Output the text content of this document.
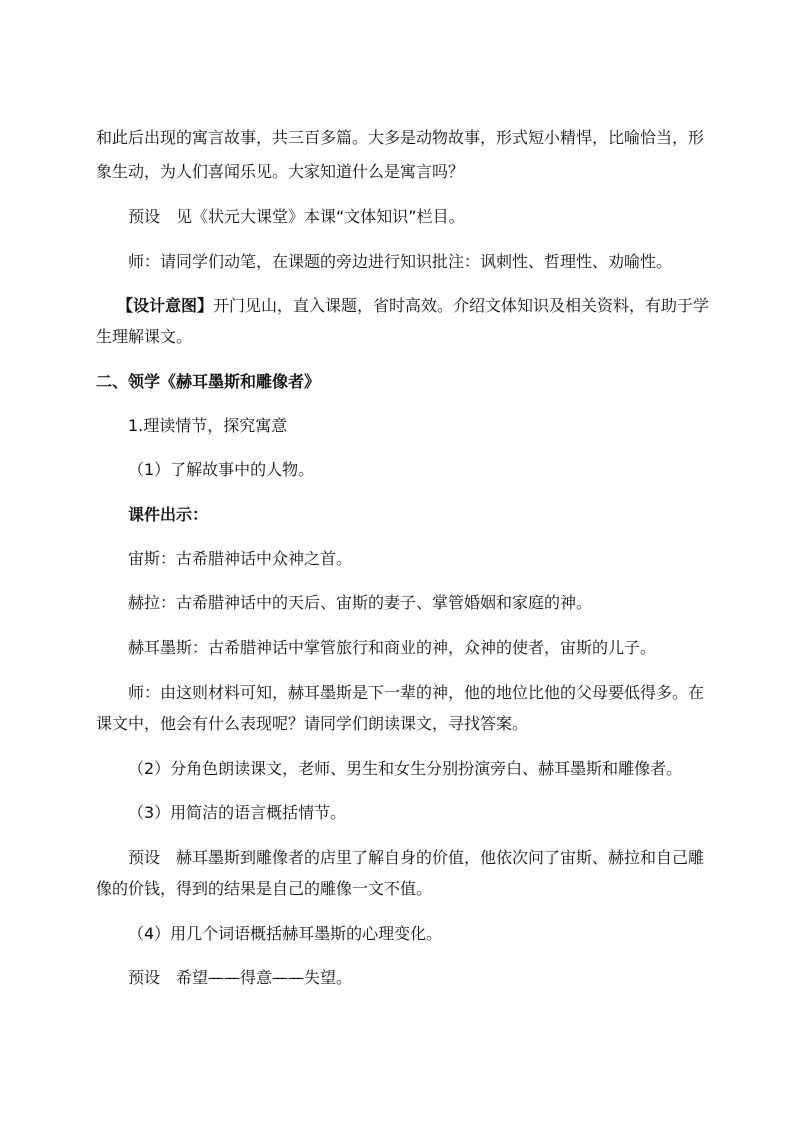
和此后出现的寓言故事，共三百多篇。大多是动物故事，形式短小精悍，比喻恰当，形
象生动，为人们喜闻乐见。大家知道什么是寓言吗？
预设　见《状元大课堂》本课“文体知识”栏目。
师：请同学们动笔，在课题的旁边进行知识批注：讽刺性、哲理性、劝喻性。
【设计意图】开门见山，直入课题，省时高效。介绍文体知识及相关资料，有助于学
生理解课文。
二、领学《赫耳墨斯和雕像者》
1.理读情节，探究寓意
（1）了解故事中的人物。
课件出示：
宙斯：古希腊神话中众神之首。
赫拉：古希腊神话中的天后、宙斯的妻子、掌管婚姻和家庭的神。
赫耳墨斯：古希腊神话中掌管旅行和商业的神，众神的使者，宙斯的儿子。
师：由这则材料可知，赫耳墨斯是下一辈的神，他的地位比他的父母要低得多。在
课文中，他会有什么表现呢？请同学们朗读课文，寻找答案。
（2）分角色朗读课文，老师、男生和女生分别扮演旁白、赫耳墨斯和雕像者。
（3）用简洁的语言概括情节。
预设　赫耳墨斯到雕像者的店里了解自身的价值，他依次问了宙斯、赫拉和自己雕
像的价钱，得到的结果是自己的雕像一文不值。
（4）用几个词语概括赫耳墨斯的心理变化。
预设　希望——得意——失望。
